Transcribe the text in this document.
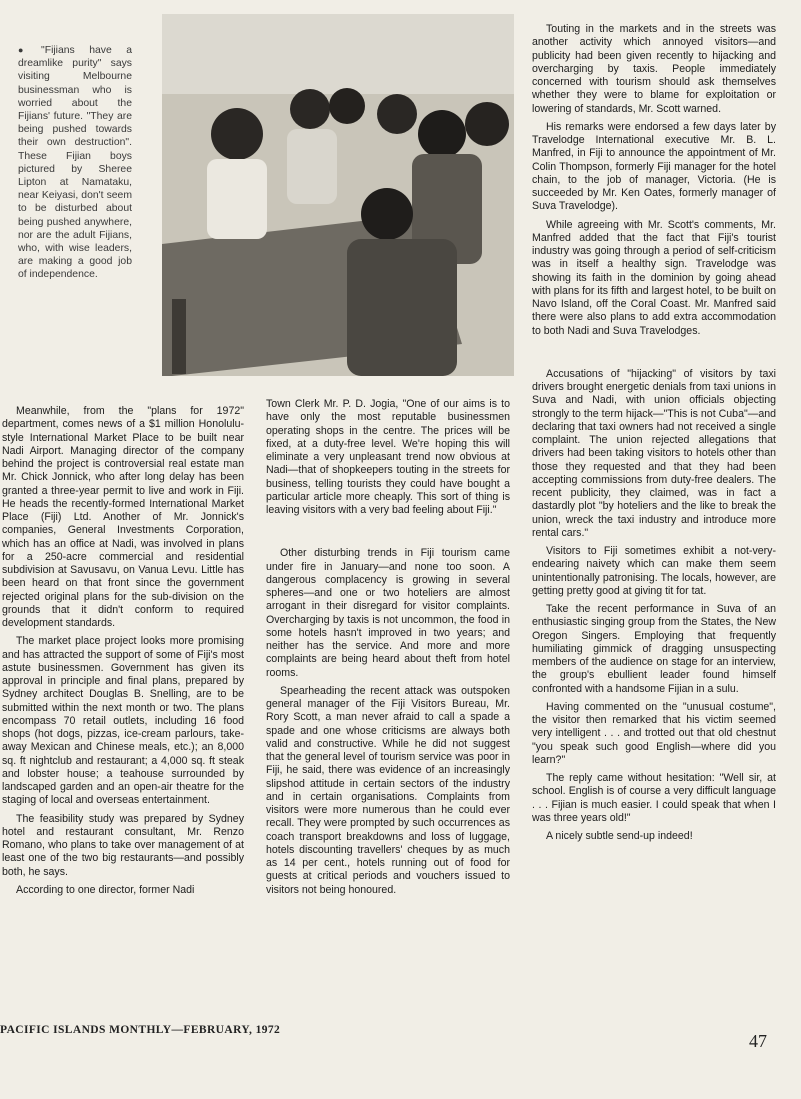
● "Fijians have a dreamlike purity" says visiting Melbourne businessman who is worried about the Fijians' future. "They are being pushed towards their own destruction". These Fijian boys pictured by Sheree Lipton at Namataku, near Keiyasi, don't seem to be disturbed about being pushed anywhere, nor are the adult Fijians, who, with wise leaders, are making a good job of independence.

Meanwhile, from the "plans for 1972" department, comes news of a $1 million Honolulu-style International Market Place to be built near Nadi Airport. Managing director of the company behind the project is controversial real estate man Mr. Chick Jonnick, who after long delay has been granted a three-year permit to live and work in Fiji. He heads the recently-formed International Market Place (Fiji) Ltd. Another of Mr. Jonnick's companies, General Investments Corporation, which has an office at Nadi, was involved in plans for a 250-acre commercial and residential subdivision at Savusavu, on Vanua Levu. Little has been heard on that front since the government rejected original plans for the sub-division on the grounds that it didn't conform to required development standards.

The market place project looks more promising and has attracted the support of some of Fiji's most astute businessmen. Government has given its approval in principle and final plans, prepared by Sydney architect Douglas B. Snelling, are to be submitted within the next month or two. The plans encompass 70 retail outlets, including 16 food shops (hot dogs, pizzas, ice-cream parlours, take-away Mexican and Chinese meals, etc.); an 8,000 sq. ft nightclub and restaurant; a 4,000 sq. ft steak and lobster house; a teahouse surrounded by landscaped garden and an open-air theatre for the staging of local and overseas entertainment.

The feasibility study was prepared by Sydney hotel and restaurant consultant, Mr. Renzo Romano, who plans to take over management of at least one of the two big restaurants—and possibly both, he says.

According to one director, former Nadi

Town Clerk Mr. P. D. Jogia, "One of our aims is to have only the most reputable businessmen operating shops in the centre. The prices will be fixed, at a duty-free level. We're hoping this will eliminate a very unpleasant trend now obvious at Nadi—that of shopkeepers touting in the streets for business, telling tourists they could have bought a particular article more cheaply. This sort of thing is leaving visitors with a very bad feeling about Fiji."

Other disturbing trends in Fiji tourism came under fire in January—and none too soon. A dangerous complacency is growing in several spheres—and one or two hoteliers are almost arrogant in their disregard for visitor complaints. Overcharging by taxis is not uncommon, the food in some hotels hasn't improved in two years; and neither has the service. And more and more complaints are being heard about theft from hotel rooms.

Spearheading the recent attack was outspoken general manager of the Fiji Visitors Bureau, Mr. Rory Scott, a man never afraid to call a spade a spade and one whose criticisms are always both valid and constructive. While he did not suggest that the general level of tourism service was poor in Fiji, he said, there was evidence of an increasingly slipshod attitude in certain sectors of the industry and in certain organisations. Complaints from visitors were more numerous than he could ever recall. They were prompted by such occurrences as coach transport breakdowns and loss of luggage, hotels discounting travellers' cheques by as much as 14 per cent., hotels running out of food for guests at critical periods and vouchers issued to visitors not being honoured.

Touting in the markets and in the streets was another activity which annoyed visitors—and publicity had been given recently to hijacking and overcharging by taxis. People immediately concerned with tourism should ask themselves whether they were to blame for exploitation or lowering of standards, Mr. Scott warned.

His remarks were endorsed a few days later by Travelodge International executive Mr. B. L. Manfred, in Fiji to announce the appointment of Mr. Colin Thompson, formerly Fiji manager for the hotel chain, to the job of manager, Victoria. (He is succeeded by Mr. Ken Oates, formerly manager of Suva Travelodge).

While agreeing with Mr. Scott's comments, Mr. Manfred added that the fact that Fiji's tourist industry was going through a period of self-criticism was in itself a healthy sign. Travelodge was showing its faith in the dominion by going ahead with plans for its fifth and largest hotel, to be built on Navo Island, off the Coral Coast. Mr. Manfred said there were also plans to add extra accommodation to both Nadi and Suva Travelodges.

Accusations of "hijacking" of visitors by taxi drivers brought energetic denials from taxi unions in Suva and Nadi, with union officials objecting strongly to the term hijack—"This is not Cuba"—and declaring that taxi owners had not received a single complaint. The union rejected allegations that drivers had been taking visitors to hotels other than those they requested and that they had been accepting commissions from duty-free dealers. The recent publicity, they claimed, was in fact a dastardly plot "by hoteliers and the like to break the union, wreck the taxi industry and introduce more rental cars."

Visitors to Fiji sometimes exhibit a not-very-endearing naivety which can make them seem unintentionally patronising. The locals, however, are getting pretty good at giving tit for tat.

Take the recent performance in Suva of an enthusiastic singing group from the States, the New Oregon Singers. Employing that frequently humiliating gimmick of dragging unsuspecting members of the audience on stage for an interview, the group's ebullient leader found himself confronted with a handsome Fijian in a sulu.

Having commented on the "unusual costume", the visitor then remarked that his victim seemed very intelligent . . . and trotted out that old chestnut "you speak such good English—where did you learn?"

The reply came without hesitation: "Well sir, at school. English is of course a very difficult language . . . Fijian is much easier. I could speak that when I was three years old!"

A nicely subtle send-up indeed!

PACIFIC ISLANDS MONTHLY—FEBRUARY, 1972
47
